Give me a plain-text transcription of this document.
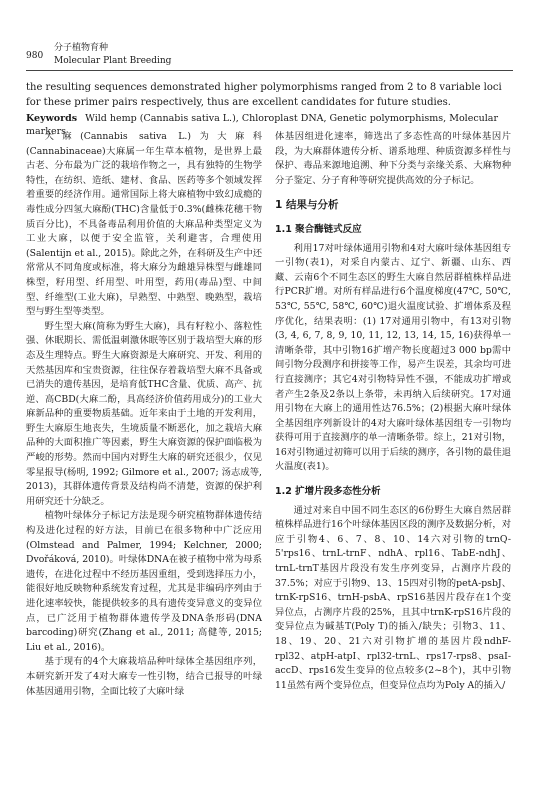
980
分子植物育种
Molecular Plant Breeding
the resulting sequences demonstrated higher polymorphisms ranged from 2 to 8 variable loci for these primer pairs respectively, thus are excellent candidates for future studies.
Keywords Wild hemp (Cannabis sativa L.), Chloroplast DNA, Genetic polymorphisms, Molecular markers

大麻(Cannabis sativa L.)为大麻科(Cannabinaceae)大麻属一年生草本植物，是世界上最古老、分布最为广泛的栽培作物之一，具有独特的生物学特性，在纺织、造纸、建材、食品、医药等多个领域发挥着重要的经济作用。通常国际上将大麻植物中致幻成瘾的毒性成分四氢大麻酚(THC)含量低于0.3%(雌株花穗干物质百分比)，不具备毒品利用价值的大麻品种类型定义为工业大麻，以便于安全监管，关利避害，合理使用(Salentijn et al., 2015)。除此之外，在科研及生产中还常常从不同角度或标准，将大麻分为雌雄异株型与雌雄同株型，籽用型、纤用型、叶用型，药用(毒品)型、中间型、纤维型(工业大麻)，早熟型、中熟型、晚熟型，栽培型与野生型等类型。

野生型大麻(简称为野生大麻)，具有籽粒小、落粒性强、休眠期长、需低温刺激休眠等区别于栽培型大麻的形态及生理特点。野生大麻资源是大麻研究、开发、利用的天然基因库和宝贵资源，往往保存着栽培型大麻不具备或已消失的遗传基因，是培育低THC含量、优质、高产、抗逆、高CBD(大麻二酚，具高经济价值药用成分)的工业大麻新品种的重要物质基础。近年来由于土地的开发利用，野生大麻原生地丧失，生境质量不断恶化，加之栽培大麻品种的大面积推广等因素，野生大麻资源的保护面临极为严峻的形势。然而中国内对野生大麻的研究还很少，仅见零星报导(杨明, 1992; Gilmore et al., 2007; 汤志成等, 2013)，其群体遗传背景及结构尚不清楚，资源的保护利用研究还十分缺乏。

植物叶绿体分子标记方法是现今研究植物群体遗传结构及进化过程的好方法，目前已在很多物种中广泛应用(Olmstead and Palmer, 1994; Kelchner, 2000; Dvořáková, 2010)。叶绿体DNA在被子植物中常为母系遗传，在进化过程中不经历基因重组，受到选择压力小，能很好地反映物种系统发育过程，尤其是非编码序列由于进化速率较快，能提供较多的具有遗传变异意义的变异位点，已广泛用于植物群体遗传学及DNA条形码(DNA barcoding)研究(Zhang et al., 2011; 高健等, 2015; Liu et al., 2016)。

基于现有的4个大麻栽培品种叶绿体全基因组序列，本研究新开发了4对大麻专一性引物，结合已报导的叶绿体基因通用引物，全面比较了大麻叶绿

体基因组进化速率，筛选出了多态性高的叶绿体基因片段，为大麻群体遗传分析、谱系地理、种质资源多样性与保护、毒品来源地追溯、种下分类与亲缘关系、大麻物种分子鉴定、分子育种等研究提供高效的分子标记。

1 结果与分析
1.1 聚合酶链式反应

利用17对叶绿体通用引物和4对大麻叶绿体基因组专一引物(表1)，对采自内蒙古、辽宁、新疆、山东、西藏、云南6个不同生态区的野生大麻自然居群植株样品进行PCR扩增。对所有样品进行6个温度梯度(47℃, 50℃, 53℃, 55℃, 58℃, 60℃)退火温度试验、扩增体系及程序优化，结果表明：(1) 17对通用引物中，有13对引物(3, 4, 6, 7, 8, 9, 10, 11, 12, 13, 14, 15, 16)获得单一清晰条带，其中引物16扩增产物长度超过3 000 bp需中间引物分段测序和拼接等工作，易产生误差，其余均可进行直接测序；其它4对引物特异性不强，不能成功扩增或者产生2条及2条以上条带，未再纳入后续研究。17对通用引物在大麻上的通用性达76.5%；(2)根据大麻叶绿体全基因组序列新设计的4对大麻叶绿体基因组专一引物均获得可用于直接测序的单一清晰条带。综上，21对引物，16对引物通过初筛可以用于后续的测序，各引物的最佳退火温度(表1)。

1.2 扩增片段多态性分析

通过对来自中国不同生态区的6份野生大麻自然居群植株样品进行16个叶绿体基因区段的测序及数据分析，对应于引物4、6、7、8、10、14六对引物的trnQ-5'rps16、trnL-trnF、ndhA、rpl16、TabE-ndhJ、trnL-trnT基因片段没有发生序列变异，占测序片段的37.5%；对应于引物9、13、15四对引物的petA-psbJ、trnK-rpS16、trnH-psbA、rpS16基因片段存在1个变异位点，占测序片段的25%，且其中trnK-rpS16片段的变异位点为碱基T(Poly T)的插入/缺失；引物3、11、18、19、20、21六对引物扩增的基因片段ndhF-rpl32、atpH-atpI、rpl32-trnL、rps17-rps8、psaI-accD、rps16发生变异的位点较多(2~8个)，其中引物11虽然有两个变异位点，但变异位点均为Poly A的插入/
